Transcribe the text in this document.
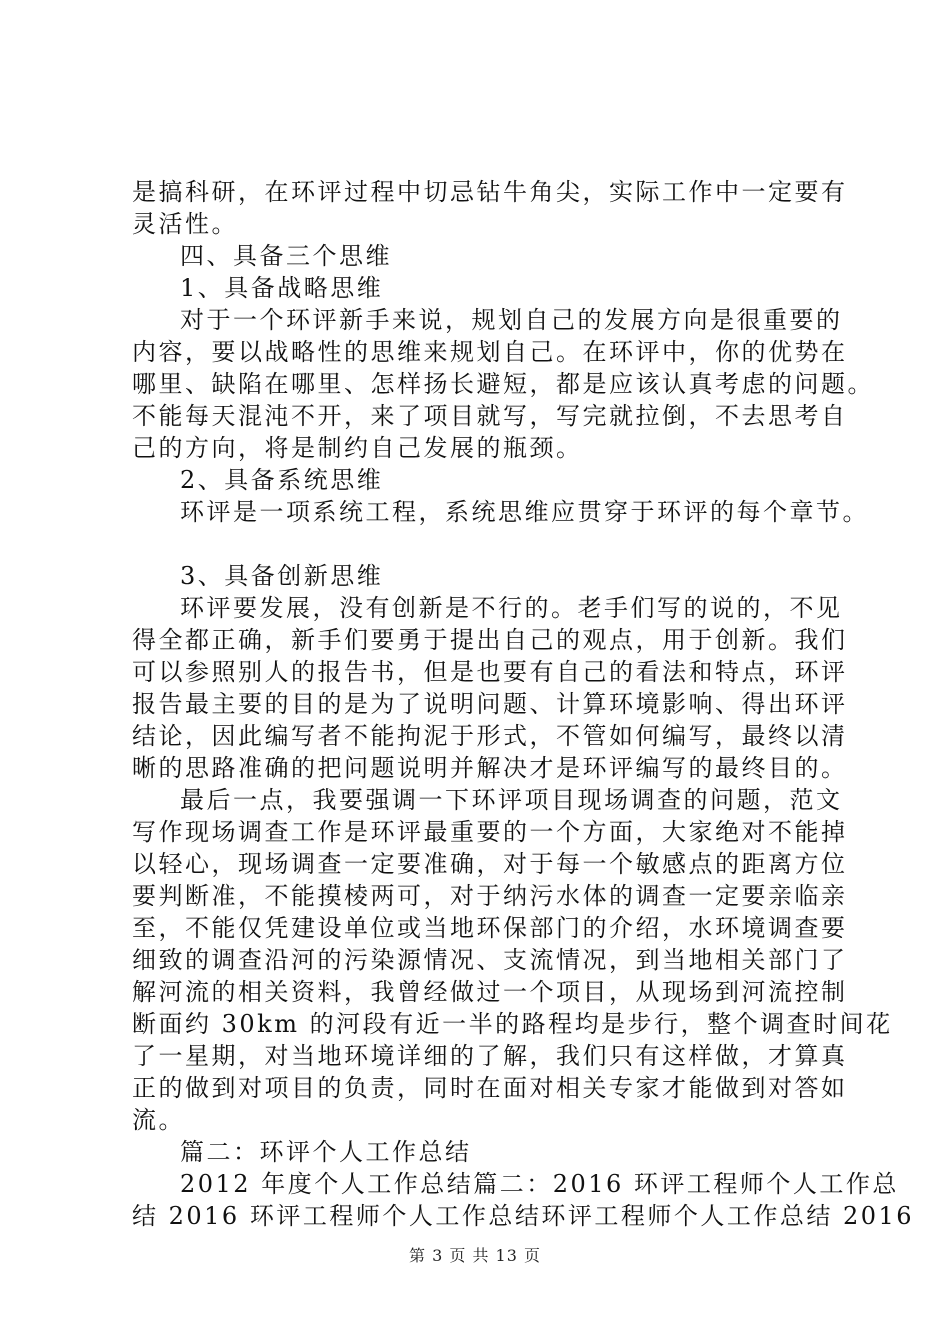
是搞科研，在环评过程中切忌钻牛角尖，实际工作中一定要有
灵活性。
四、具备三个思维
1、具备战略思维
对于一个环评新手来说，规划自己的发展方向是很重要的
内容，要以战略性的思维来规划自己。在环评中，你的优势在
哪里、缺陷在哪里、怎样扬长避短，都是应该认真考虑的问题。
不能每天混沌不开，来了项目就写，写完就拉倒，不去思考自
己的方向，将是制约自己发展的瓶颈。
2、具备系统思维
环评是一项系统工程，系统思维应贯穿于环评的每个章节。
3、具备创新思维
环评要发展，没有创新是不行的。老手们写的说的，不见
得全都正确，新手们要勇于提出自己的观点，用于创新。我们
可以参照别人的报告书，但是也要有自己的看法和特点，环评
报告最主要的目的是为了说明问题、计算环境影响、得出环评
结论，因此编写者不能拘泥于形式，不管如何编写，最终以清
晰的思路准确的把问题说明并解决才是环评编写的最终目的。
最后一点，我要强调一下环评项目现场调查的问题，范文
写作现场调查工作是环评最重要的一个方面，大家绝对不能掉
以轻心，现场调查一定要准确，对于每一个敏感点的距离方位
要判断准，不能摸棱两可，对于纳污水体的调查一定要亲临亲
至，不能仅凭建设单位或当地环保部门的介绍，水环境调查要
细致的调查沿河的污染源情况、支流情况，到当地相关部门了
解河流的相关资料，我曾经做过一个项目，从现场到河流控制
断面约 30km 的河段有近一半的路程均是步行，整个调查时间花
了一星期，对当地环境详细的了解，我们只有这样做，才算真
正的做到对项目的负责，同时在面对相关专家才能做到对答如
流。
篇二：环评个人工作总结
2012 年度个人工作总结篇二：2016 环评工程师个人工作总
结 2016 环评工程师个人工作总结环评工程师个人工作总结 2016
第 3 页 共 13 页
